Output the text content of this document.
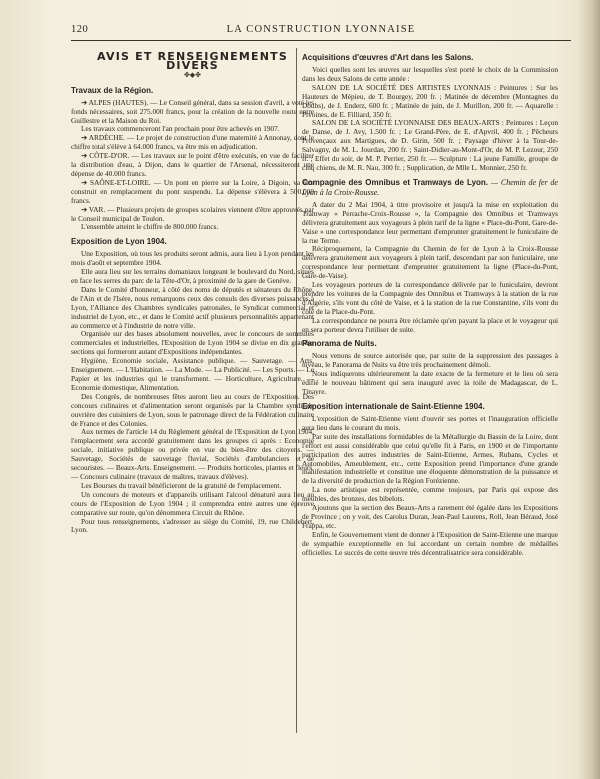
LA CONSTRUCTION LYONNAISE
120
AVIS ET RENSEIGNEMENTS DIVERS
✤◆✤
Travaux de la Région.

➔ ALPES (HAUTES). — Le Conseil général, dans sa session d'avril, a voté les fonds nécessaires, soit 275.000 francs, pour la création de la nouvelle route entre Guillestre et la Maison du Roi.

Les travaux commenceront l'an prochain pour être achevés en 1907.

➔ ARDÈCHE. — Le projet de construction d'une maternité à Annonay, dont le chiffre total s'élève à 64.000 francs, va être mis en adjudication.

➔ CÔTE-D'OR. — Les travaux sur le point d'être exécutés, en vue de faciliter la distribution d'eau, à Dijon, dans le quartier de l'Arsenal, nécessiteront une dépense de 40.000 francs.

➔ SAÔNE-ET-LOIRE. — Un pont en pierre sur la Loire, à Digoin, va être construit en remplacement du pont suspendu. La dépense s'élèvera à 500.000 francs.

➔ VAR. — Plusieurs projets de groupes scolaires viennent d'être approuvés par le Conseil municipal de Toulon.

L'ensemble atteint le chiffre de 800.000 francs.

Exposition de Lyon 1904.

Une Exposition, où tous les produits seront admis, aura lieu à Lyon pendant les mois d'août et septembre 1904.

Elle aura lieu sur les terrains domaniaux longeant le boulevard du Nord, situés en face les serres du parc de la Tête-d'Or, à proximité de la gare de Genève.

Dans le Comité d'honneur, à côté des noms de députés et sénateurs du Rhône, de l'Ain et de l'Isère, nous remarquons ceux des consuls des diverses puissances à Lyon, l'Alliance des Chambres syndicales patronales, le Syndicat commercial et industriel de Lyon, etc., et dans le Comité actif plusieurs personnalités appartenant au commerce et à l'industrie de notre ville.

Organisée sur des bases absolument nouvelles, avec le concours de sommités commerciales et industrielles, l'Exposition de Lyon 1904 se divise en dix grandes sections qui formeront autant d'Expositions indépendantes.

Hygiène, Economie sociale, Assistance publique. — Sauvetage. — Arts, Enseignement. — L'Habitation. — La Mode. — La Publicité. — Les Sports. — Le Papier et les industries qui le transforment. — Horticulture, Agriculture. — Economie domestique, Alimentation.

Des Congrès, de nombreuses fêtes auront lieu au cours de l'Exposition. Des concours culinaires et d'alimentation seront organisés par la Chambre syndicale ouvrière des cuisiniers de Lyon, sous le patronage direct de la Fédération culinaire de France et des Colonies.

Aux termes de l'article 14 du Règlement général de l'Exposition de Lyon 1904, l'emplacement sera accordé gratuitement dans les groupes ci après : Economie sociale, initiative publique ou privée en vue du bien-être des citoyens. — Sauvetage, Sociétés de sauvetage fluvial, Sociétés d'ambulanciers et de secouristes. — Beaux-Arts. Enseignement. — Produits horticoles, plantes et fleurs. — Concours culinaire (travaux de maîtres, travaux d'élèves).

Les Bourses du travail bénéficieront de la gratuité de l'emplacement.

Un concours de moteurs et d'appareils utilisant l'alcool dénaturé aura lieu au cours de l'Exposition de Lyon 1904 ; il comprendra entre autres une épreuve comparative sur route, qu'on dénommera Circuit du Rhône.

Pour tous renseignements, s'adresser au siège du Comité, 19, rue Childebert, Lyon.

Acquisitions d'œuvres d'Art dans les Salons.

Voici quelles sont les œuvres sur lesquelles s'est porté le choix de la Commission dans les deux Salons de cette année :

SALON DE LA SOCIÉTÉ DES ARTISTES LYONNAIS : Peintures : Sur les Hauteurs de Mépieu, de T. Bourgey, 200 fr. ; Matinée de décembre (Montagnes du Doubs), de J. Enderz, 600 fr. ; Matinée de juin, de J. Murillon, 200 fr. — Aquarelle : Pivoines, de E. Filliard, 350 fr.

SALON DE LA SOCIÉTÉ LYONNAISE DES BEAUX-ARTS : Peintures : Leçon de Danse, de J. Avy, 1.500 fr. ; Le Grand-Père, de E. d'Apvril, 400 fr. ; Pêcheurs Provençaux aux Martigues, de D. Girin, 500 fr. ; Paysage d'hiver à la Tour-de-Salvagny, de M. L. Jourdan, 200 fr. ; Saint-Didier-au-Mont-d'Or, de M. P. Lezour, 250 fr. ; Effet du soir, de M. P. Perrier, 250 fr. — Sculpture : La jeune Famille, groupe de cinq chiens, de M. R. Nau, 300 fr. ; Supplication, de Mlle L. Monnier, 250 fr.

Compagnie des Omnibus et Tramways de Lyon. — Chemin de fer de Lyon à la Croix-Rousse.

A dater du 2 Mai 1904, à titre provisoire et jusqu'à la mise en exploitation du Tramway « Perrache-Croix-Rousse », la Compagnie des Omnibus et Tramways délivrera gratuitement aux voyageurs à plein tarif de la ligne « Place-du-Pont, Gare-de-Vaise » une correspondance leur permettant d'emprunter gratuitement le funiculaire de la rue Terme.

Réciproquement, la Compagnie du Chemin de fer de Lyon à la Croix-Rousse délivrera gratuitement aux voyageurs à plein tarif, descendant par son funiculaire, une correspondance leur permettant d'emprunter gratuitement la ligne (Place-du-Pont, Gare-de-Vaise).

Les voyageurs porteurs de la correspondance délivrée par le funiculaire, devront prendre les voitures de la Compagnie des Omnibus et Tramways à la station de la rue d'Algérie, s'ils vont du côté de Vaise, et à la station de la rue Constantine, s'ils vont du côté de la Place-du-Pont.

La correspondance ne pourra être réclamée qu'en payant la place et le voyageur qui en sera porteur devra l'utiliser de suite.

Panorama de Nuits.

Nous venons de source autorisée que, par suite de la suppression des passages à niveau, le Panorama de Nuits va être très prochainement démoli.

Nous indiquerons ultérieurement la date exacte de la fermeture et le lieu où sera édifié le nouveau bâtiment qui sera inauguré avec la toile de Madagascar, de L. Tinayre.

Exposition internationale de Saint-Etienne 1904.

L'exposition de Saint-Etienne vient d'ouvrir ses portes et l'inauguration officielle aura lieu dans le courant du mois.

Par suite des installations formidables de la Métallurgie du Bassin de la Loire, dont l'effort est aussi considérable que celui qu'elle fit à Paris, en 1900 et de l'importante participation des autres industries de Saint-Etienne, Armes, Rubans, Cycles et Automobiles, Ameublement, etc., cette Exposition prend l'importance d'une grande manifestation industrielle et constitue une éloquente démonstration de la puissance et de la diversité de production de la Région Forézienne.

La note artistique est représentée, comme toujours, par Paris qui expose des meubles, des bronzes, des bibelots.

Ajoutons que la section des Beaux-Arts a rarement été égalée dans les Expositions de Province ; on y voit, des Carolus Duran, Jean-Paul Laurens, Roll, Jean Béraud, José Frappa, etc.

Enfin, le Gouvernement vient de donner à l'Exposition de Saint-Etienne une marque de sympathie exceptionnelle en lui accordant un certain nombre de médailles officielles. Le succès de cette œuvre très décentralisatrice sera considérable.
